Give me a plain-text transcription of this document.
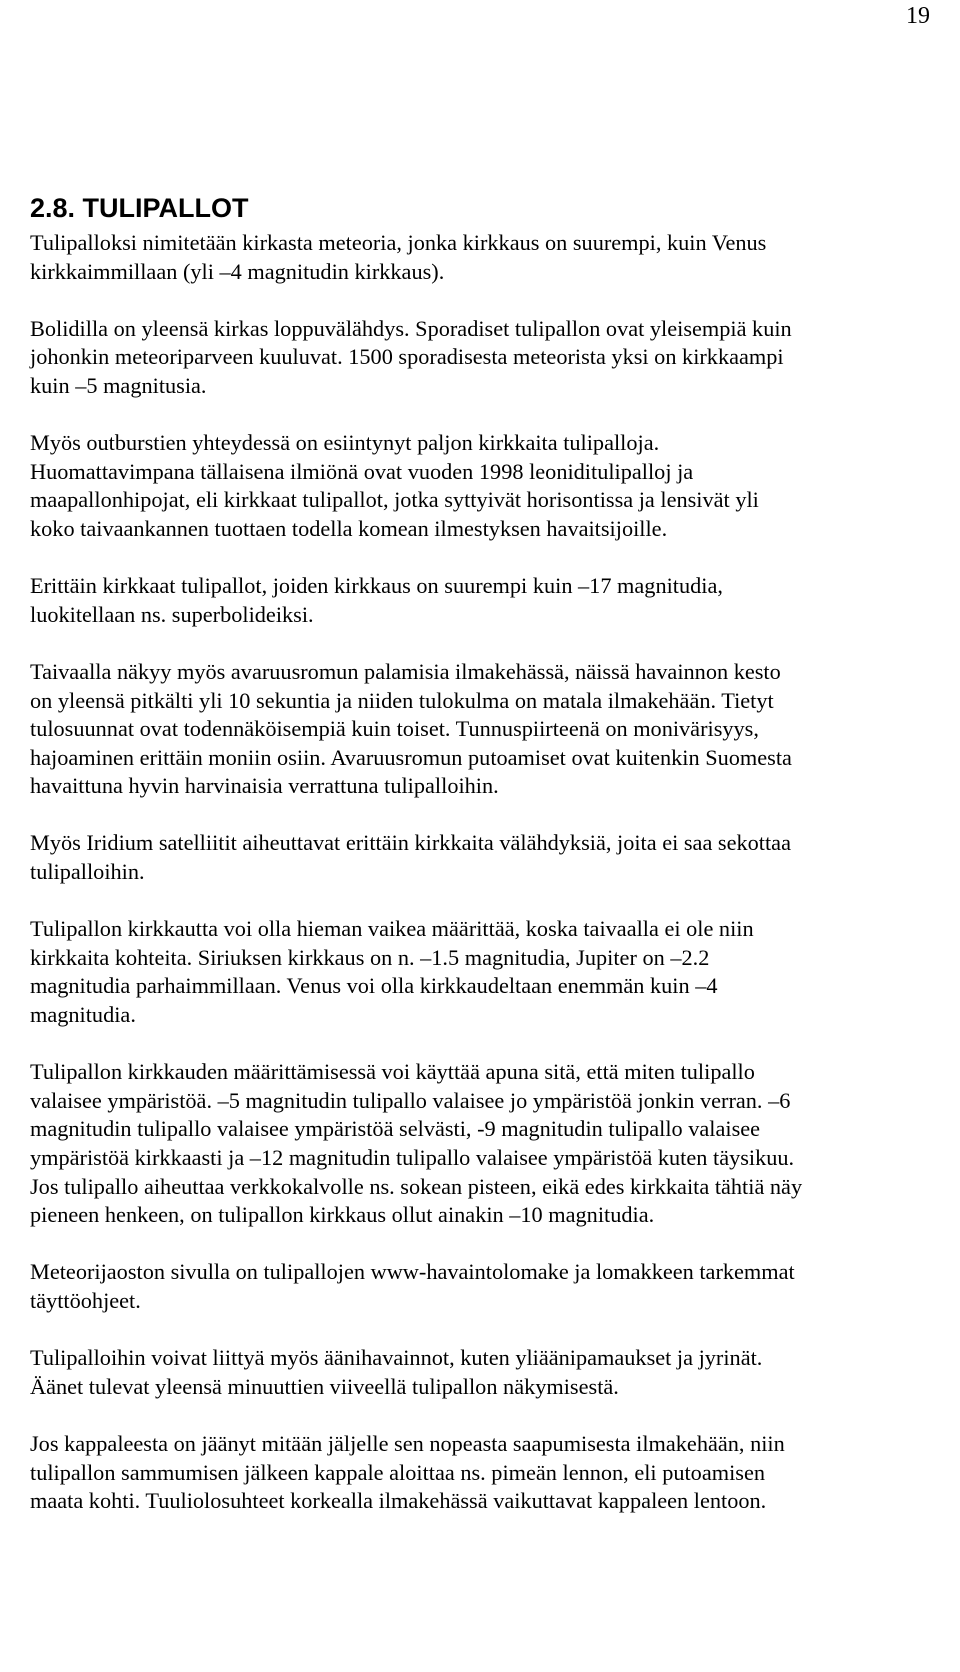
19
2.8. TULIPALLOT
Tulipalloksi nimitetään kirkasta meteoria, jonka kirkkaus on suurempi, kuin Venus
kirkkaimmillaan (yli –4 magnitudin kirkkaus).
Bolidilla on yleensä kirkas loppuvälähdys. Sporadiset tulipallon ovat yleisempiä kuin
johonkin meteoriparveen kuuluvat. 1500 sporadisesta meteorista yksi on kirkkaampi
kuin –5 magnitusia.
Myös outburstien yhteydessä on esiintynyt paljon kirkkaita tulipalloja.
Huomattavimpana tällaisena ilmiönä ovat vuoden 1998 leoniditulipalloj ja
maapallonhipojat, eli kirkkaat tulipallot, jotka syttyivät horisontissa ja lensivät yli
koko taivaankannen tuottaen todella komean ilmestyksen havaitsijoille.
Erittäin kirkkaat tulipallot, joiden kirkkaus on suurempi kuin –17 magnitudia,
luokitellaan ns. superbolideiksi.
Taivaalla näkyy myös avaruusromun palamisia ilmakehässä, näissä havainnon kesto
on yleensä pitkälti yli 10 sekuntia ja niiden tulokulma on matala ilmakehään. Tietyt
tulosuunnat ovat todennäköisempiä kuin toiset. Tunnuspiirteenä on monivärisyys,
hajoaminen erittäin moniin osiin. Avaruusromun putoamiset ovat kuitenkin Suomesta
havaittuna hyvin harvinaisia verrattuna tulipalloihin.
Myös Iridium satelliitit aiheuttavat erittäin kirkkaita välähdyksiä, joita ei saa sekottaa
tulipalloihin.
Tulipallon kirkkautta voi olla hieman vaikea määrittää, koska taivaalla ei ole niin
kirkkaita kohteita. Siriuksen kirkkaus on n. –1.5 magnitudia, Jupiter on –2.2
magnitudia parhaimmillaan. Venus voi olla kirkkaudeltaan enemmän kuin –4
magnitudia.
Tulipallon kirkkauden määrittämisessä voi käyttää apuna sitä, että miten tulipallo
valaisee ympäristöä. –5 magnitudin tulipallo valaisee jo ympäristöä jonkin verran. –6
magnitudin tulipallo valaisee ympäristöä selvästi, -9 magnitudin tulipallo valaisee
ympäristöä kirkkaasti ja –12 magnitudin tulipallo valaisee ympäristöä kuten täysikuu.
Jos tulipallo aiheuttaa verkkokalvolle ns. sokean pisteen, eikä edes kirkkaita tähtiä näy
pieneen henkeen, on tulipallon kirkkaus ollut ainakin –10 magnitudia.
Meteorijaoston sivulla on tulipallojen www-havaintolomake ja lomakkeen tarkemmat
täyttöohjeet.
Tulipalloihin voivat liittyä myös äänihavainnot, kuten yliäänipamaukset ja jyrinät.
Äänet tulevat yleensä minuuttien viiveellä tulipallon näkymisestä.
Jos kappaleesta on jäänyt mitään jäljelle sen nopeasta saapumisesta ilmakehään, niin
tulipallon sammumisen jälkeen kappale aloittaa ns. pimeän lennon, eli putoamisen
maata kohti. Tuuliolosuhteet korkealla ilmakehässä vaikuttavat kappaleen lentoon.
